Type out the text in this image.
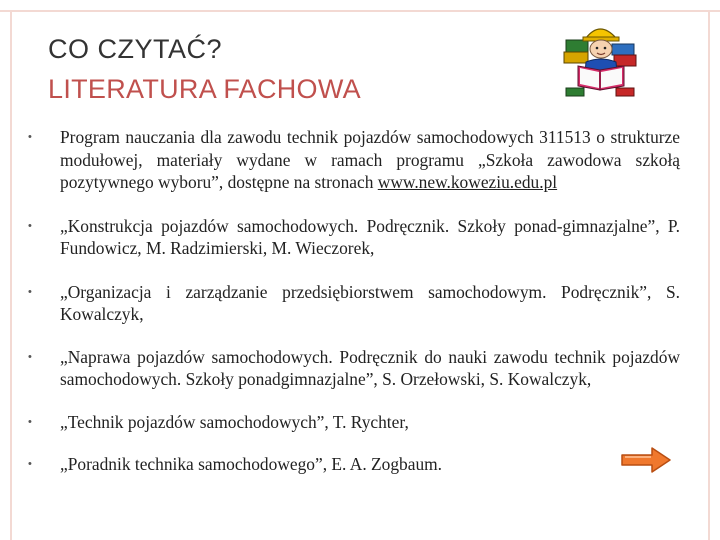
CO CZYTAĆ?
LITERATURA FACHOWA
• Program nauczania dla zawodu technik pojazdów samochodowych 311513 o strukturze modułowej, materiały wydane w ramach programu „Szkoła zawodowa szkołą pozytywnego wyboru”, dostępne na stronach www.new.koweziu.edu.pl
• „Konstrukcja pojazdów samochodowych. Podręcznik. Szkoły ponad-gimnazjalne”, P. Fundowicz, M. Radzimierski, M. Wieczorek,
• „Organizacja i zarządzanie przedsiębiorstwem samochodowym. Podręcznik”, S. Kowalczyk,
• „Naprawa pojazdów samochodowych. Podręcznik do nauki zawodu technik pojazdów samochodowych. Szkoły ponadgimnazjalne”, S. Orzełowski, S. Kowalczyk,
• „Technik pojazdów samochodowych”, T. Rychter,
• „Poradnik technika samochodowego”, E. A. Zogbaum.
